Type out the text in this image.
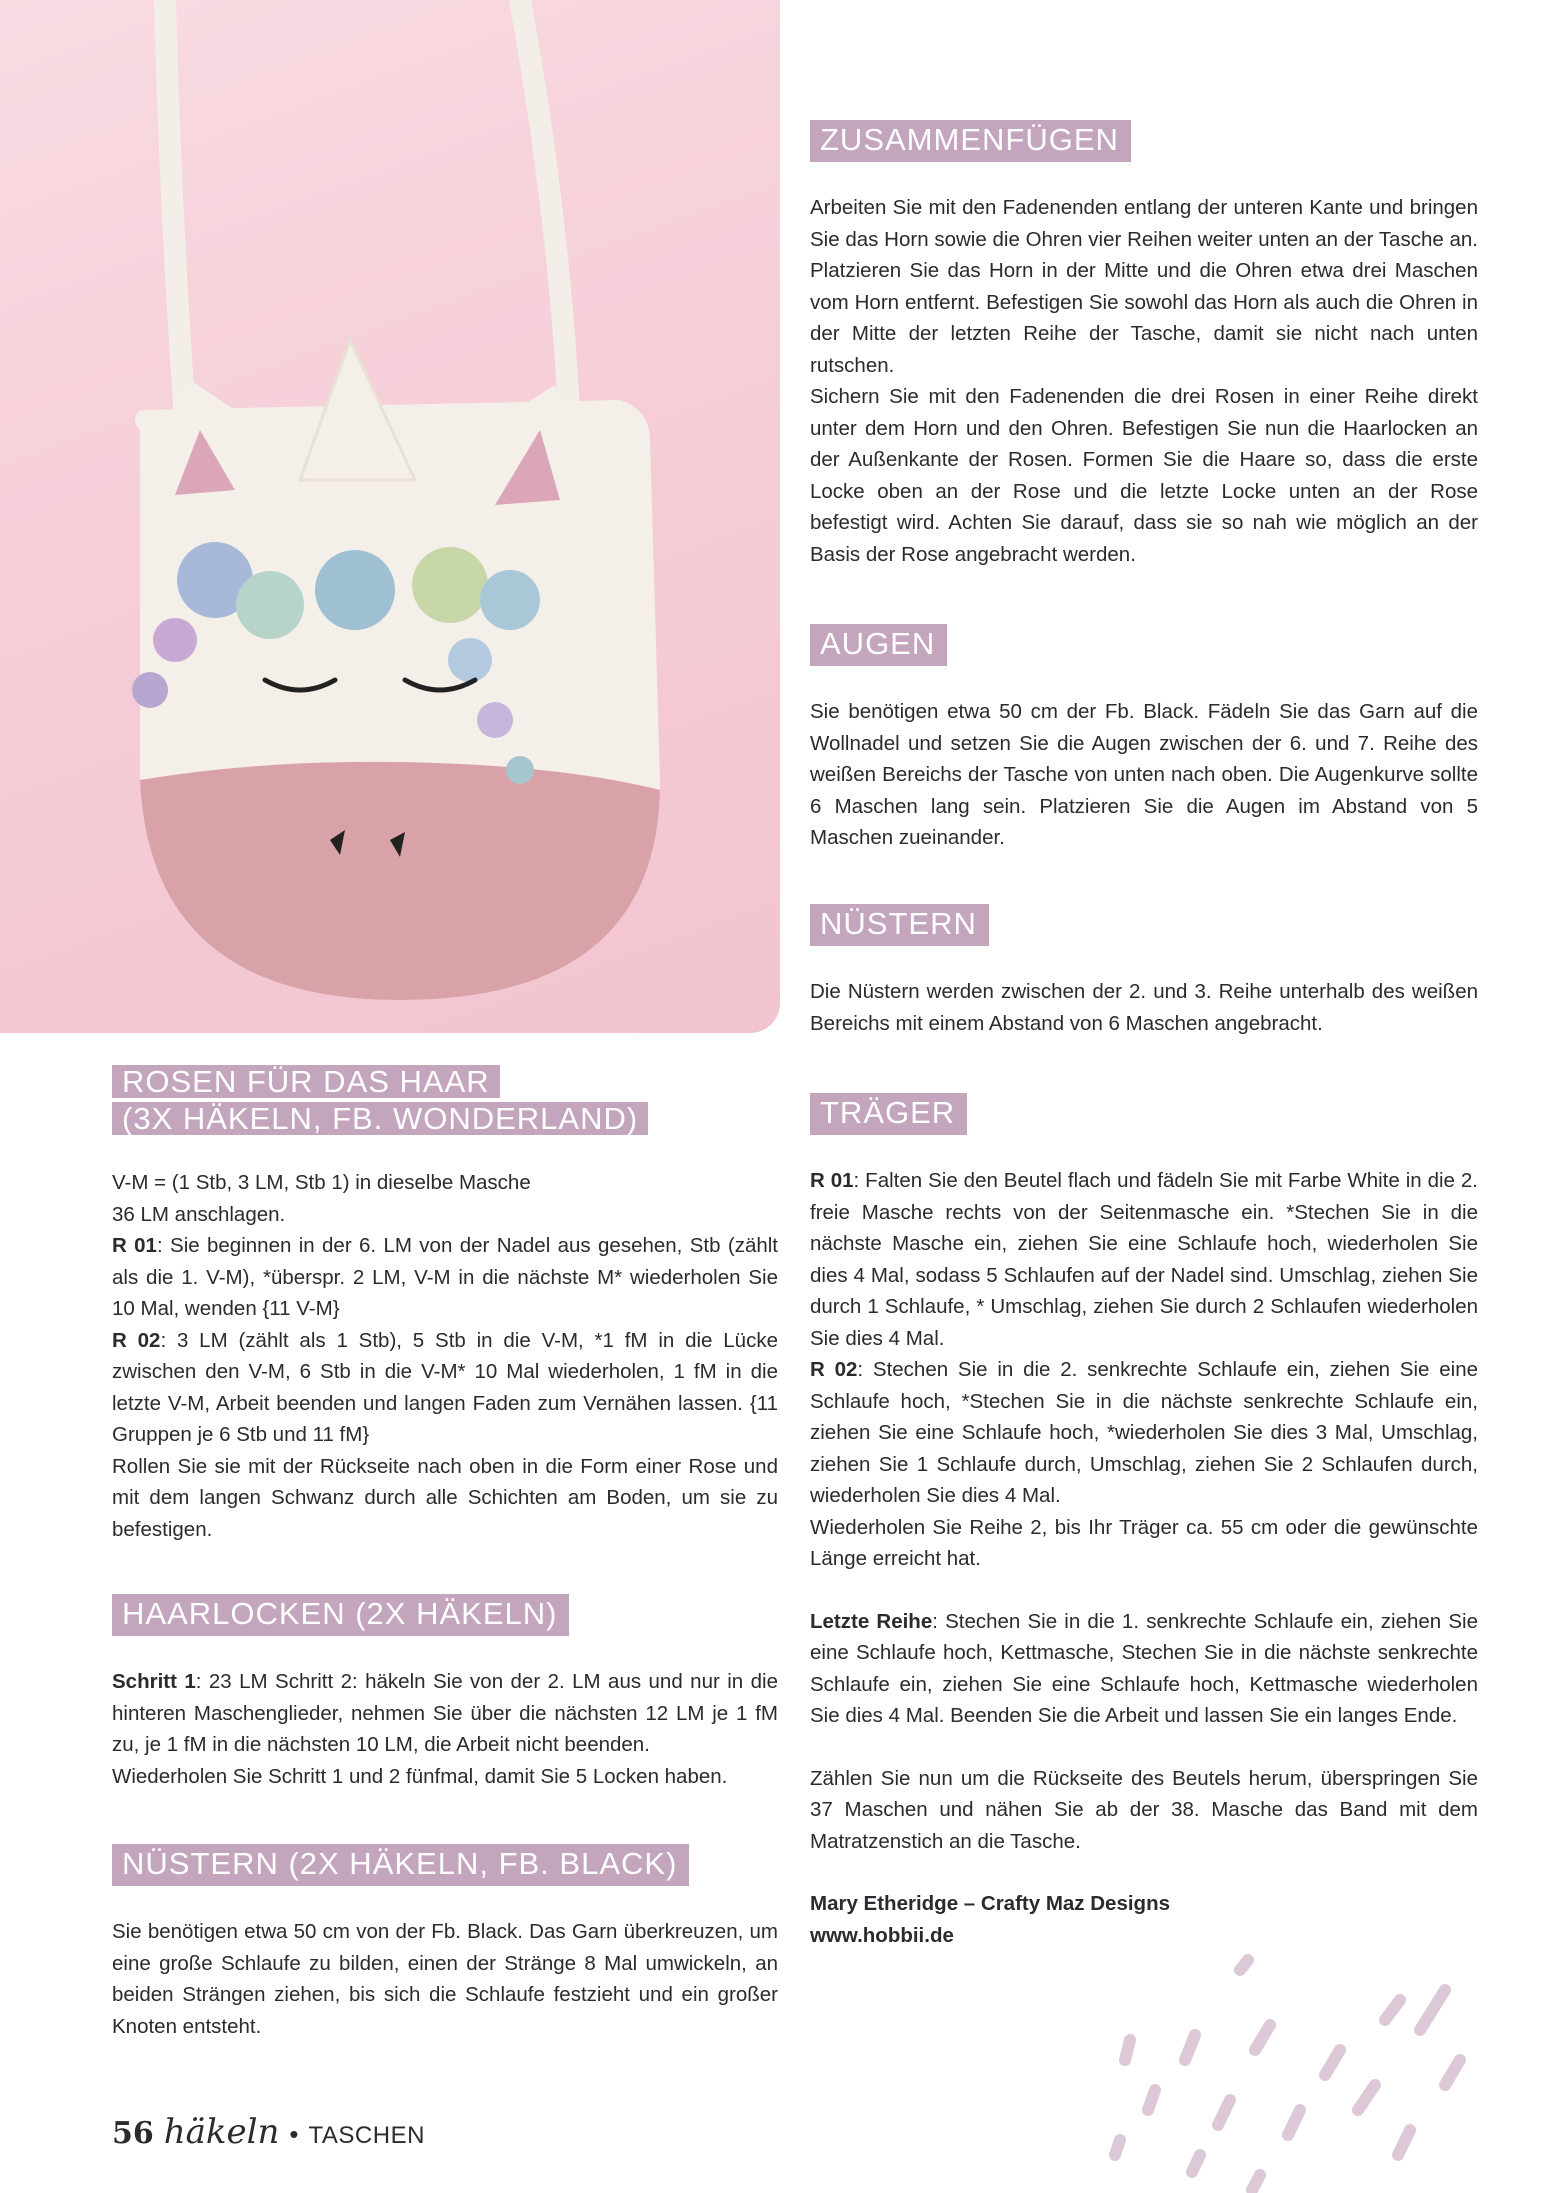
ZUSAMMENFÜGEN

Arbeiten Sie mit den Fadenenden entlang der unteren Kante und bringen Sie das Horn sowie die Ohren vier Reihen weiter unten an der Tasche an. Platzieren Sie das Horn in der Mitte und die Ohren etwa drei Maschen vom Horn entfernt. Befestigen Sie sowohl das Horn als auch die Ohren in der Mitte der letzten Reihe der Tasche, damit sie nicht nach unten rutschen.

Sichern Sie mit den Fadenenden die drei Rosen in einer Reihe direkt unter dem Horn und den Ohren. Befestigen Sie nun die Haarlocken an der Außenkante der Rosen. Formen Sie die Haare so, dass die erste Locke oben an der Rose und die letzte Locke unten an der Rose befestigt wird. Achten Sie darauf, dass sie so nah wie möglich an der Basis der Rose angebracht werden.

AUGEN

Sie benötigen etwa 50 cm der Fb. Black. Fädeln Sie das Garn auf die Wollnadel und setzen Sie die Augen zwischen der 6. und 7. Reihe des weißen Bereichs der Tasche von unten nach oben. Die Augenkurve sollte 6 Maschen lang sein. Platzieren Sie die Augen im Abstand von 5 Maschen zueinander.

NÜSTERN

Die Nüstern werden zwischen der 2. und 3. Reihe unterhalb des weißen Bereichs mit einem Abstand von 6 Maschen angebracht.

TRÄGER

R 01: Falten Sie den Beutel flach und fädeln Sie mit Farbe White in die 2. freie Masche rechts von der Seitenmasche ein. *Stechen Sie in die nächste Masche ein, ziehen Sie eine Schlaufe hoch, wiederholen Sie dies 4 Mal, sodass 5 Schlaufen auf der Nadel sind. Umschlag, ziehen Sie durch 1 Schlaufe, * Umschlag, ziehen Sie durch 2 Schlaufen wiederholen Sie dies 4 Mal.

R 02: Stechen Sie in die 2. senkrechte Schlaufe ein, ziehen Sie eine Schlaufe hoch, *Stechen Sie in die nächste senkrechte Schlaufe ein, ziehen Sie eine Schlaufe hoch, *wiederholen Sie dies 3 Mal, Umschlag, ziehen Sie 1 Schlaufe durch, Umschlag, ziehen Sie 2 Schlaufen durch, wiederholen Sie dies 4 Mal.

Wiederholen Sie Reihe 2, bis Ihr Träger ca. 55 cm oder die gewünschte Länge erreicht hat.

Letzte Reihe: Stechen Sie in die 1. senkrechte Schlaufe ein, ziehen Sie eine Schlaufe hoch, Kettmasche, Stechen Sie in die nächste senkrechte Schlaufe ein, ziehen Sie eine Schlaufe hoch, Kettmasche wiederholen Sie dies 4 Mal. Beenden Sie die Arbeit und lassen Sie ein langes Ende.

Zählen Sie nun um die Rückseite des Beutels herum, überspringen Sie 37 Maschen und nähen Sie ab der 38. Masche das Band mit dem Matratzenstich an die Tasche.

Mary Etheridge – Crafty Maz Designs

www.hobbii.de

ROSEN FÜR DAS HAAR
(3X HÄKELN, FB. WONDERLAND)

V-M = (1 Stb, 3 LM, Stb 1) in dieselbe Masche

36 LM anschlagen.

R 01: Sie beginnen in der 6. LM von der Nadel aus gesehen, Stb (zählt als die 1. V-M), *überspr. 2 LM, V-M in die nächste M* wiederholen Sie 10 Mal, wenden {11 V-M}

R 02: 3 LM (zählt als 1 Stb), 5 Stb in die V-M, *1 fM in die Lücke zwischen den V-M, 6 Stb in die V-M* 10 Mal wiederholen, 1 fM in die letzte V-M, Arbeit beenden und langen Faden zum Vernähen lassen. {11 Gruppen je 6 Stb und 11 fM}

Rollen Sie sie mit der Rückseite nach oben in die Form einer Rose und mit dem langen Schwanz durch alle Schichten am Boden, um sie zu befestigen.

HAARLOCKEN (2X HÄKELN)

Schritt 1: 23 LM Schritt 2: häkeln Sie von der 2. LM aus und nur in die hinteren Maschenglieder, nehmen Sie über die nächsten 12 LM je 1 fM zu, je 1 fM in die nächsten 10 LM, die Arbeit nicht beenden.

Wiederholen Sie Schritt 1 und 2 fünfmal, damit Sie 5 Locken haben.

NÜSTERN (2X HÄKELN, FB. BLACK)

Sie benötigen etwa 50 cm von der Fb. Black. Das Garn überkreuzen, um eine große Schlaufe zu bilden, einen der Stränge 8 Mal umwickeln, an beiden Strängen ziehen, bis sich die Schlaufe festzieht und ein großer Knoten entsteht.

56 häkeln • TASCHEN
